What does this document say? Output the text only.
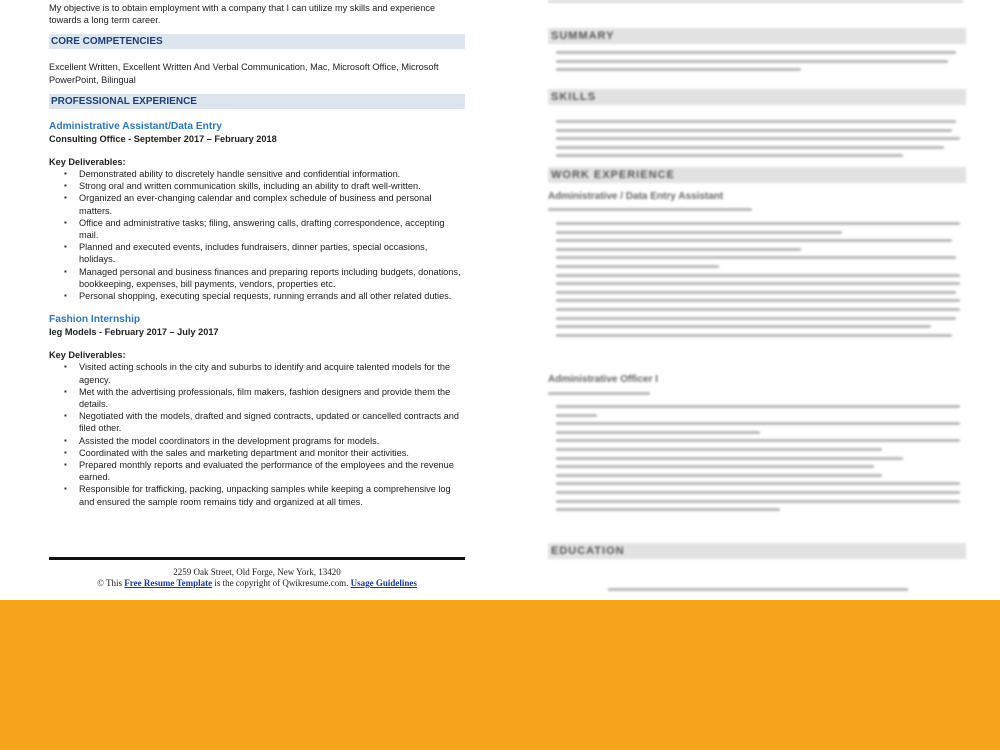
My objective is to obtain employment with a company that I can utilize my skills and experience towards a long term career.
CORE COMPETENCIES
Excellent Written, Excellent Written And Verbal Communication, Mac, Microsoft Office, Microsoft PowerPoint, Bilingual
PROFESSIONAL EXPERIENCE
Administrative Assistant/Data Entry
Consulting Office - September 2017 – February 2018
Key Deliverables:
▪ Demonstrated ability to discretely handle sensitive and confidential information.
▪ Strong oral and written communication skills, including an ability to draft well-written.
▪ Organized an ever-changing calendar and complex schedule of business and personal matters.
▪ Office and administrative tasks; filing, answering calls, drafting correspondence, accepting mail.
▪ Planned and executed events, includes fundraisers, dinner parties, special occasions, holidays.
▪ Managed personal and business finances and preparing reports including budgets, donations, bookkeeping, expenses, bill payments, vendors, properties etc.
▪ Personal shopping, executing special requests, running errands and all other related duties.
Fashion Internship
Ieg Models - February 2017 – July 2017
Key Deliverables:
▪ Visited acting schools in the city and suburbs to identify and acquire talented models for the agency.
▪ Met with the advertising professionals, film makers, fashion designers and provide them the details.
▪ Negotiated with the models, drafted and signed contracts, updated or cancelled contracts and filed other.
▪ Assisted the model coordinators in the development programs for models.
▪ Coordinated with the sales and marketing department and monitor their activities.
▪ Prepared monthly reports and evaluated the performance of the employees and the revenue earned.
▪ Responsible for trafficking, packing, unpacking samples while keeping a comprehensive log and ensured the sample room remains tidy and organized at all times.
2259 Oak Street, Old Forge, New York, 13420
© This Free Resume Template is the copyright of Qwikresume.com. Usage Guidelines
SUMMARY
SKILLS
WORK EXPERIENCE
Administrative / Data Entry Assistant
Administrative Officer I
EDUCATION
